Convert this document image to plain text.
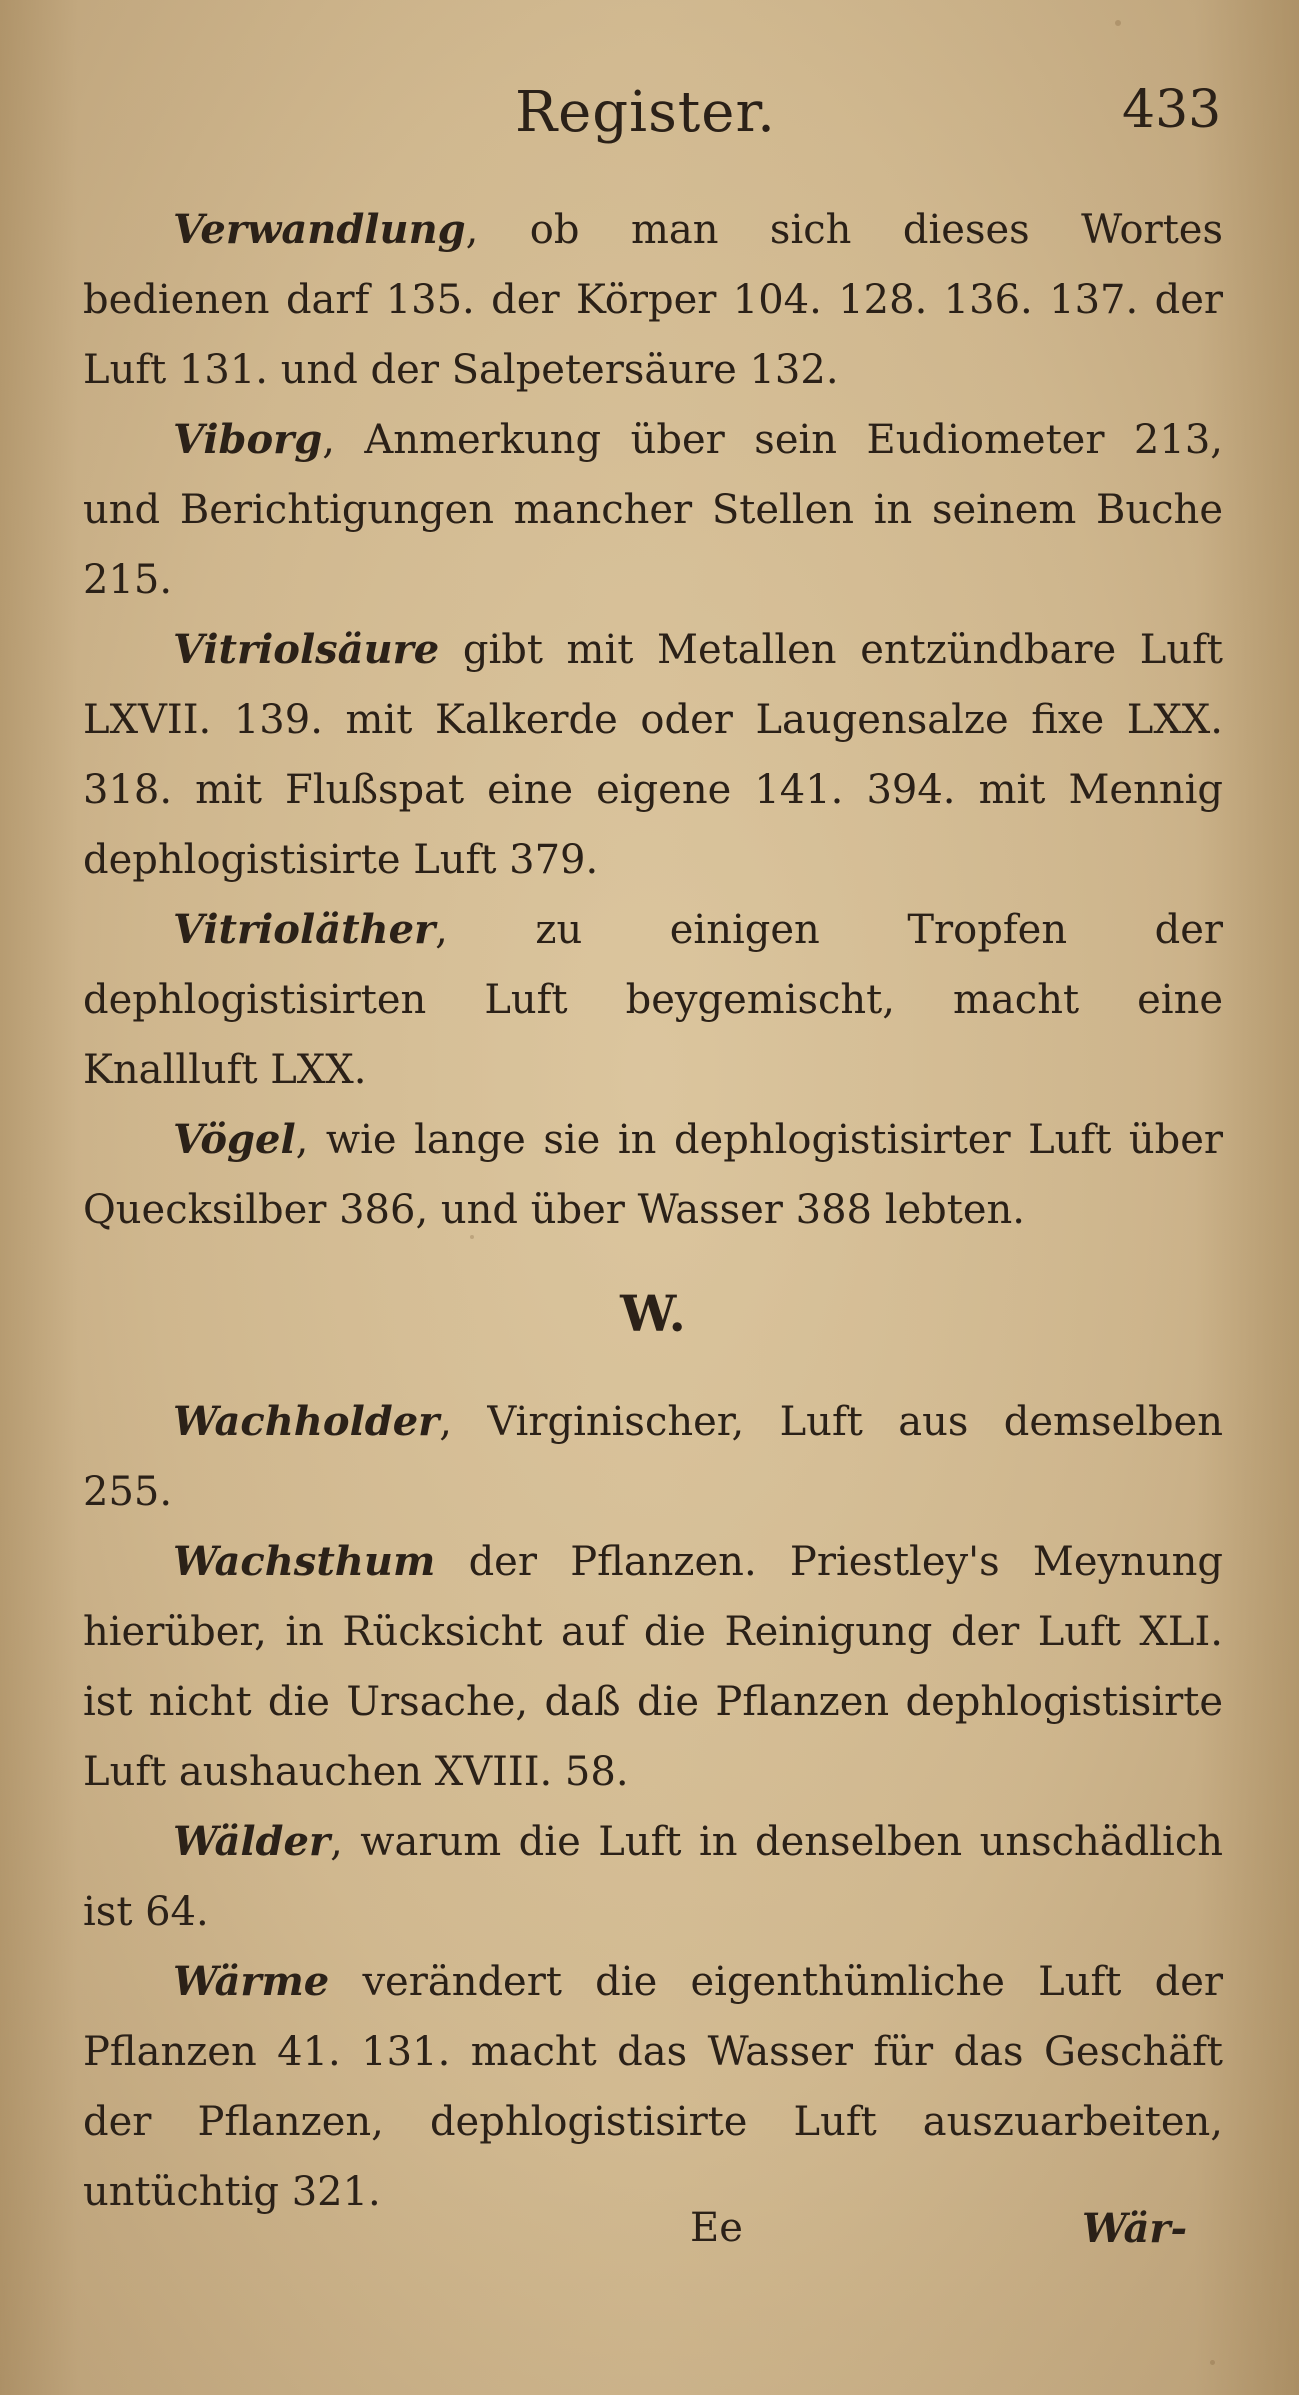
Register.	433

Verwandlung, ob man sich dieses Wortes bedienen darf 135. der Körper 104. 128. 136. 137. der Luft 131. und der Salpetersäure 132.

Viborg, Anmerkung über sein Eudiometer 213, und Berichtigungen mancher Stellen in seinem Buche 215.

Vitriolsäure gibt mit Metallen entzündbare Luft LXVII. 139. mit Kalkerde oder Laugensalze fixe LXX. 318. mit Flußspat eine eigene 141. 394. mit Mennig dephlogistisirte Luft 379.

Vitrioläther, zu einigen Tropfen der dephlogistisirten Luft beygemischt, macht eine Knallluft LXX.

Vögel, wie lange sie in dephlogistisirter Luft über Quecksilber 386, und über Wasser 388 lebten.

W.

Wachholder, Virginischer, Luft aus demselben 255.

Wachsthum der Pflanzen. Priestley's Meynung hierüber, in Rücksicht auf die Reinigung der Luft XLI. ist nicht die Ursache, daß die Pflanzen dephlogistisirte Luft aushauchen XVIII. 58.

Wälder, warum die Luft in denselben unschädlich ist 64.

Wärme verändert die eigenthümliche Luft der Pflanzen 41. 131. macht das Wasser für das Geschäft der Pflanzen, dephlogistisirte Luft auszuarbeiten, untüchtig 321.

Ee	Wär-
